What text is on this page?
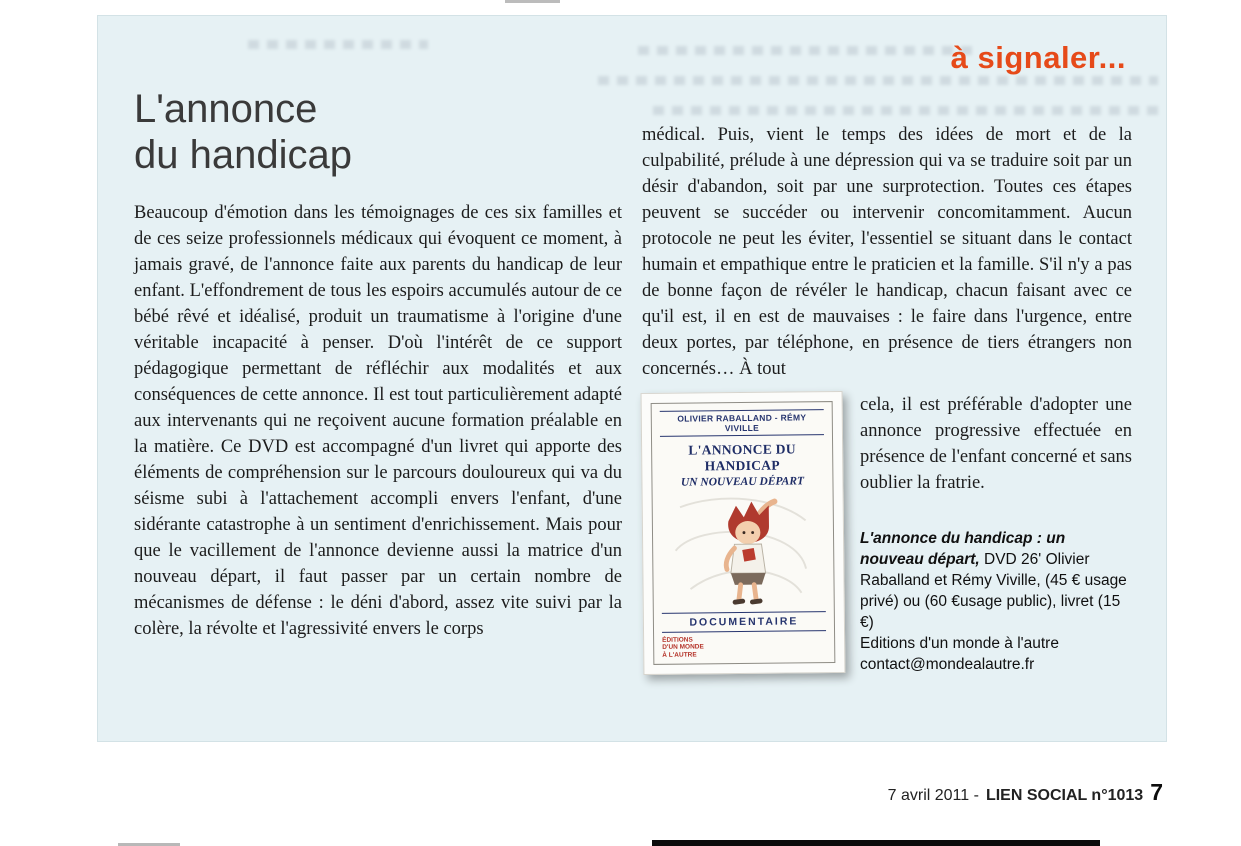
à signaler...
L'annonce
du handicap

Beaucoup d'émotion dans les témoignages de ces six familles et de ces seize professionnels médicaux qui évoquent ce moment, à jamais gravé, de l'annonce faite aux parents du handicap de leur enfant. L'effondrement de tous les espoirs accumulés autour de ce bébé rêvé et idéalisé, produit un traumatisme à l'origine d'une véritable incapacité à penser. D'où l'intérêt de ce support pédagogique permettant de réfléchir aux modalités et aux conséquences de cette annonce. Il est tout particulièrement adapté aux intervenants qui ne reçoivent aucune formation préalable en la matière. Ce DVD est accompagné d'un livret qui apporte des éléments de compréhension sur le parcours douloureux qui va du séisme subi à l'attachement accompli envers l'enfant, d'une sidérante catastrophe à un sentiment d'enrichissement. Mais pour que le vacillement de l'annonce devienne aussi la matrice d'un nouveau départ, il faut passer par un certain nombre de mécanismes de défense : le déni d'abord, assez vite suivi par la colère, la révolte et l'agressivité envers le corps

médical. Puis, vient le temps des idées de mort et de la culpabilité, prélude à une dépression qui va se traduire soit par un désir d'abandon, soit par une surprotection. Toutes ces étapes peuvent se succéder ou intervenir concomitamment. Aucun protocole ne peut les éviter, l'essentiel se situant dans le contact humain et empathique entre le praticien et la famille. S'il n'y a pas de bonne façon de révéler le handicap, chacun faisant avec ce qu'il est, il en est de mauvaises : le faire dans l'urgence, entre deux portes, par téléphone, en présence de tiers étrangers non concernés… À tout

OLIVIER RABALLAND - RÉMY VIVILLE
L'ANNONCE DU HANDICAP
UN NOUVEAU DÉPART
DOCUMENTAIRE
ÉDITIONS
D'UN MONDE
À L'AUTRE

cela, il est préférable d'adopter une annonce progressive effectuée en présence de l'enfant concerné et sans oublier la fratrie.

L'annonce du handicap : un nouveau départ, DVD 26' Olivier Raballand et Rémy Viville, (45 € usage privé) ou (60 €usage public), livret (15 €)
Editions d'un monde à l'autre
contact@mondealautre.fr
7 avril 2011 - LIEN SOCIAL n°1013 7
